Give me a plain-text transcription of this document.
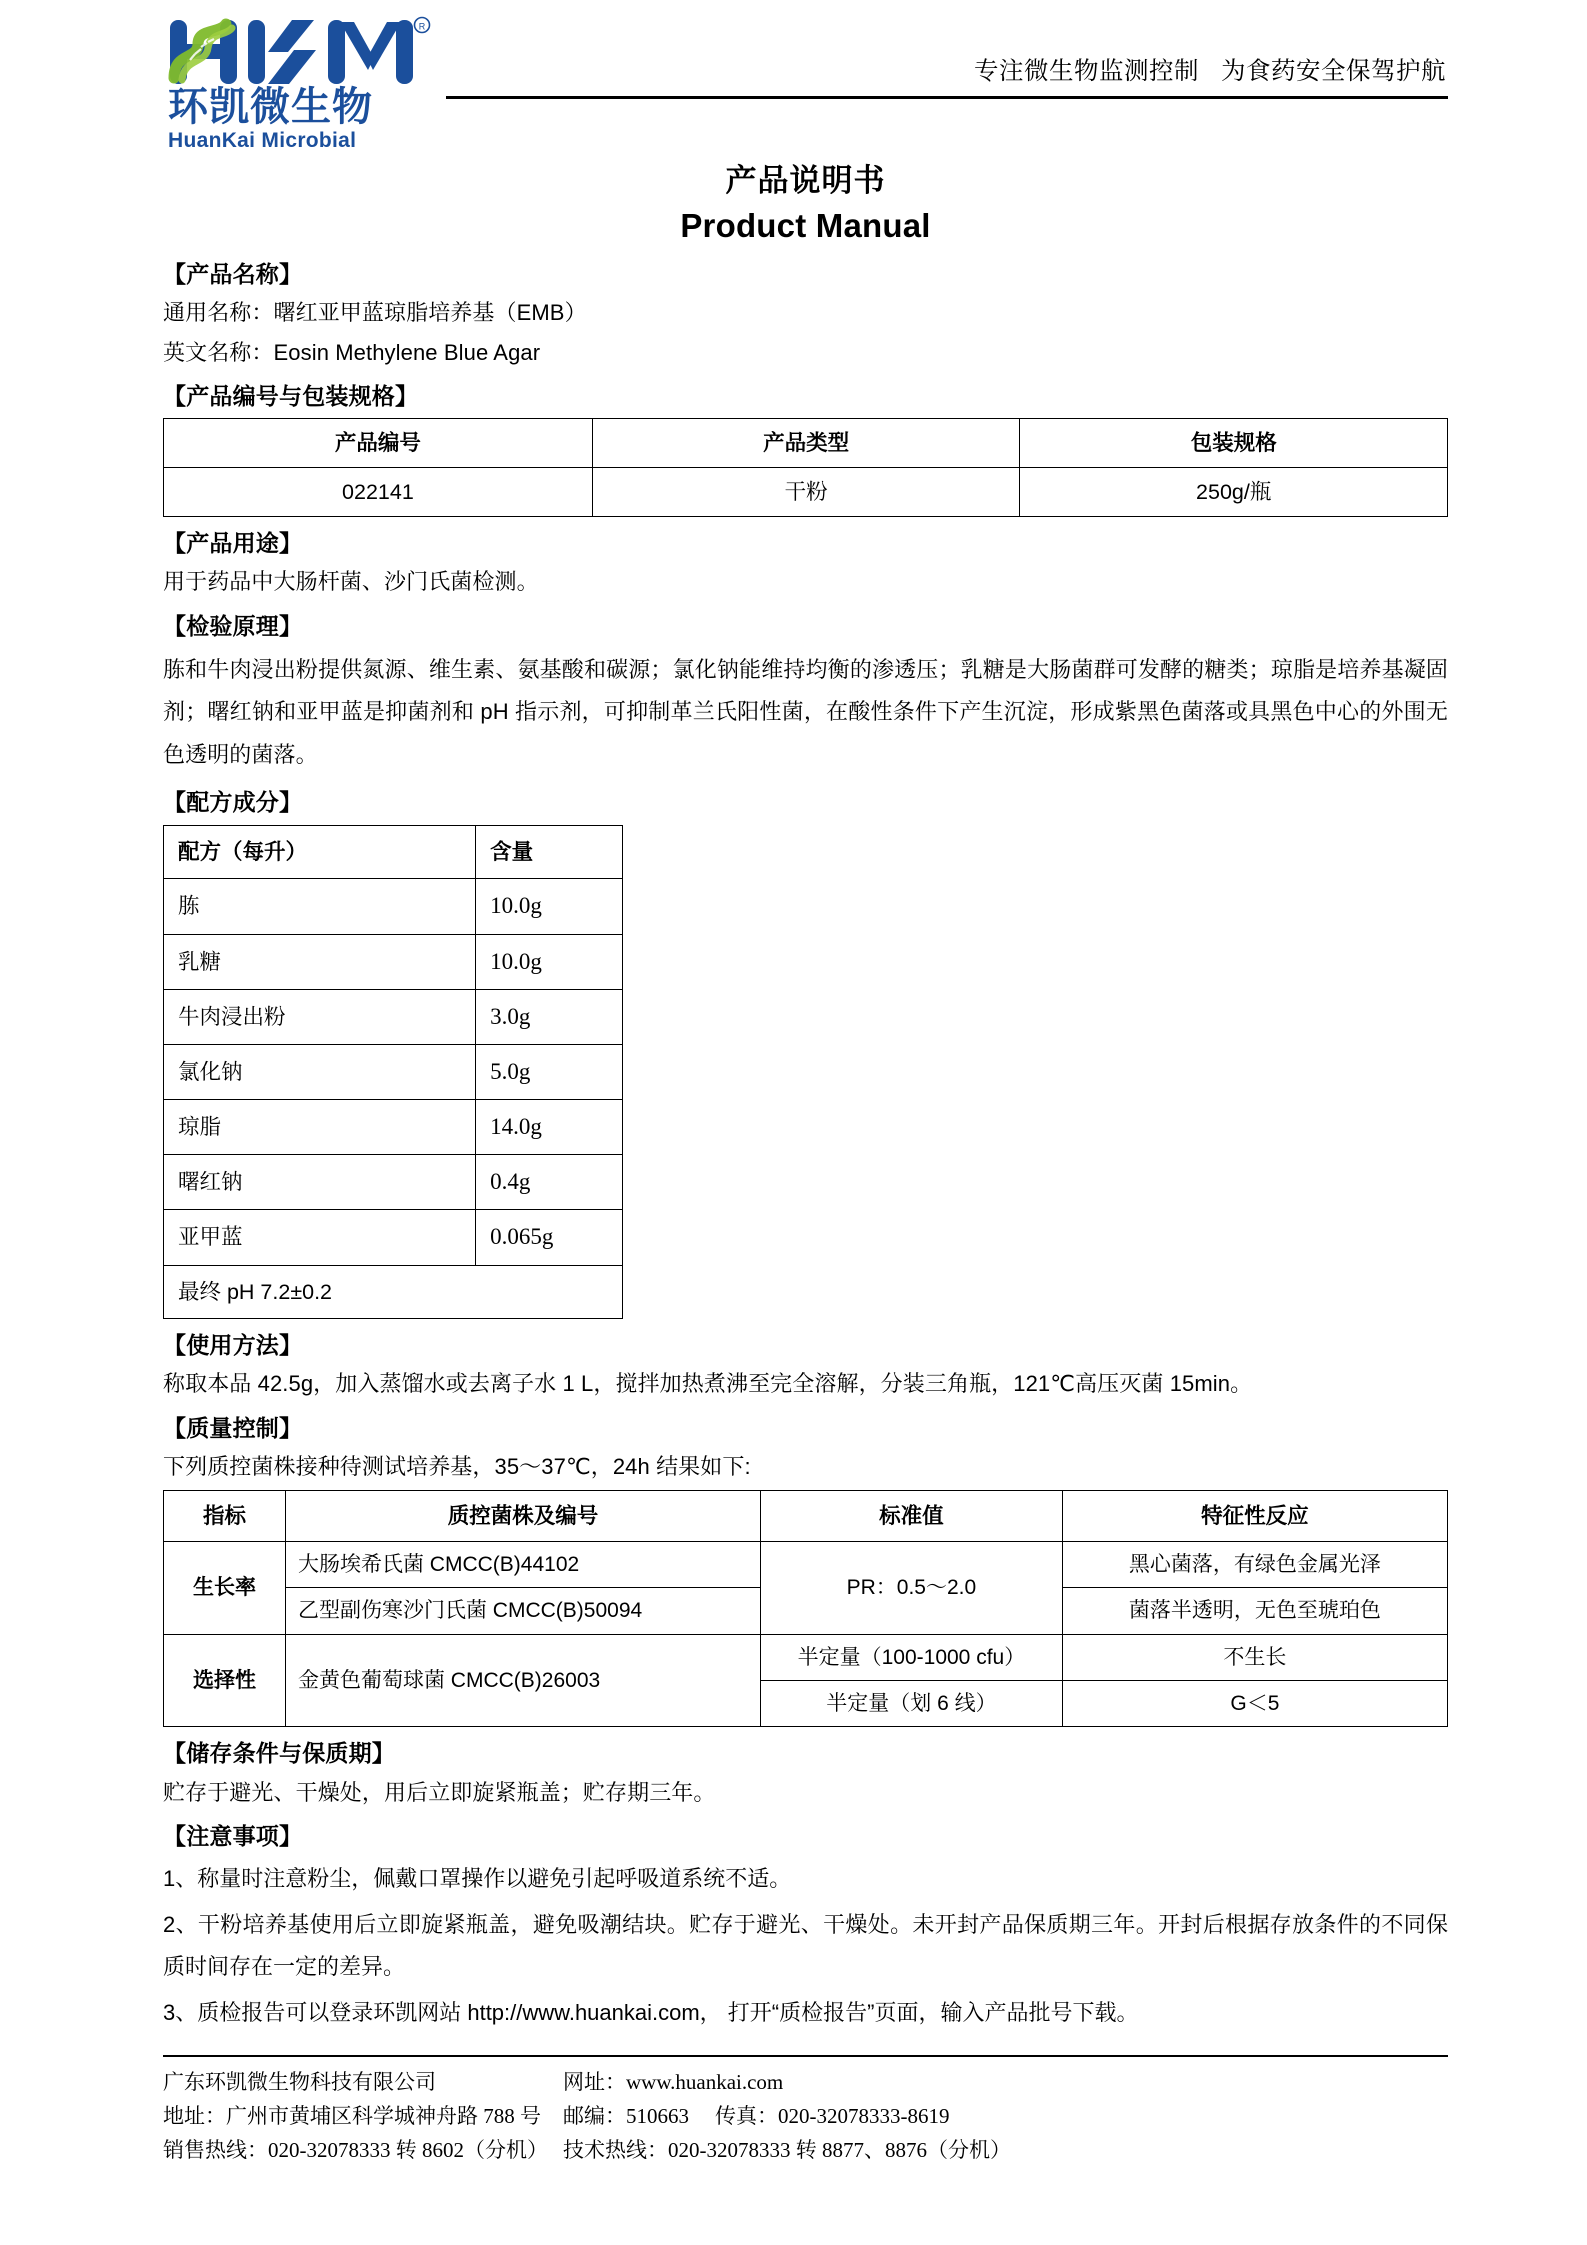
R
环凯微生物
HuanKai Microbial
专注微生物监测控制 为食药安全保驾护航
产品说明书
Product Manual
【产品名称】
通用名称：曙红亚甲蓝琼脂培养基（EMB）
英文名称：Eosin Methylene Blue Agar
【产品编号与包装规格】
产品编号	产品类型	包装规格
022141	干粉	250g/瓶
【产品用途】
用于药品中大肠杆菌、沙门氏菌检测。
【检验原理】
胨和牛肉浸出粉提供氮源、维生素、氨基酸和碳源；氯化钠能维持均衡的渗透压；乳糖是大肠菌群可发酵的糖类；琼脂是培养基凝固剂；曙红钠和亚甲蓝是抑菌剂和 pH 指示剂，可抑制革兰氏阳性菌，在酸性条件下产生沉淀，形成紫黑色菌落或具黑色中心的外围无色透明的菌落。
【配方成分】
配方（每升）	含量
胨	10.0g
乳糖	10.0g
牛肉浸出粉	3.0g
氯化钠	5.0g
琼脂	14.0g
曙红钠	0.4g
亚甲蓝	0.065g
最终 pH 7.2±0.2	
【使用方法】
称取本品 42.5g，加入蒸馏水或去离子水 1 L，搅拌加热煮沸至完全溶解，分装三角瓶，121℃高压灭菌 15min。
【质量控制】
下列质控菌株接种待测试培养基，35～37℃，24h 结果如下:
指标	质控菌株及编号	标准值	特征性反应
生长率	大肠埃希氏菌 CMCC(B)44102	PR：0.5～2.0	黑心菌落，有绿色金属光泽
	乙型副伤寒沙门氏菌 CMCC(B)50094		菌落半透明，无色至琥珀色
选择性	金黄色葡萄球菌 CMCC(B)26003	半定量（100-1000 cfu）	不生长
		半定量（划 6 线）	G＜5
【储存条件与保质期】
贮存于避光、干燥处，用后立即旋紧瓶盖；贮存期三年。
【注意事项】
1、称量时注意粉尘，佩戴口罩操作以避免引起呼吸道系统不适。
2、干粉培养基使用后立即旋紧瓶盖，避免吸潮结块。贮存于避光、干燥处。未开封产品保质期三年。开封后根据存放条件的不同保质时间存在一定的差异。
3、质检报告可以登录环凯网站 http://www.huankai.com， 打开“质检报告”页面，输入产品批号下载。
广东环凯微生物科技有限公司
地址：广州市黄埔区科学城神舟路 788 号
销售热线：020-32078333 转 8602（分机）
网址：www.huankai.com
邮编：510663 传真：020-32078333-8619
技术热线：020-32078333 转 8877、8876（分机）
